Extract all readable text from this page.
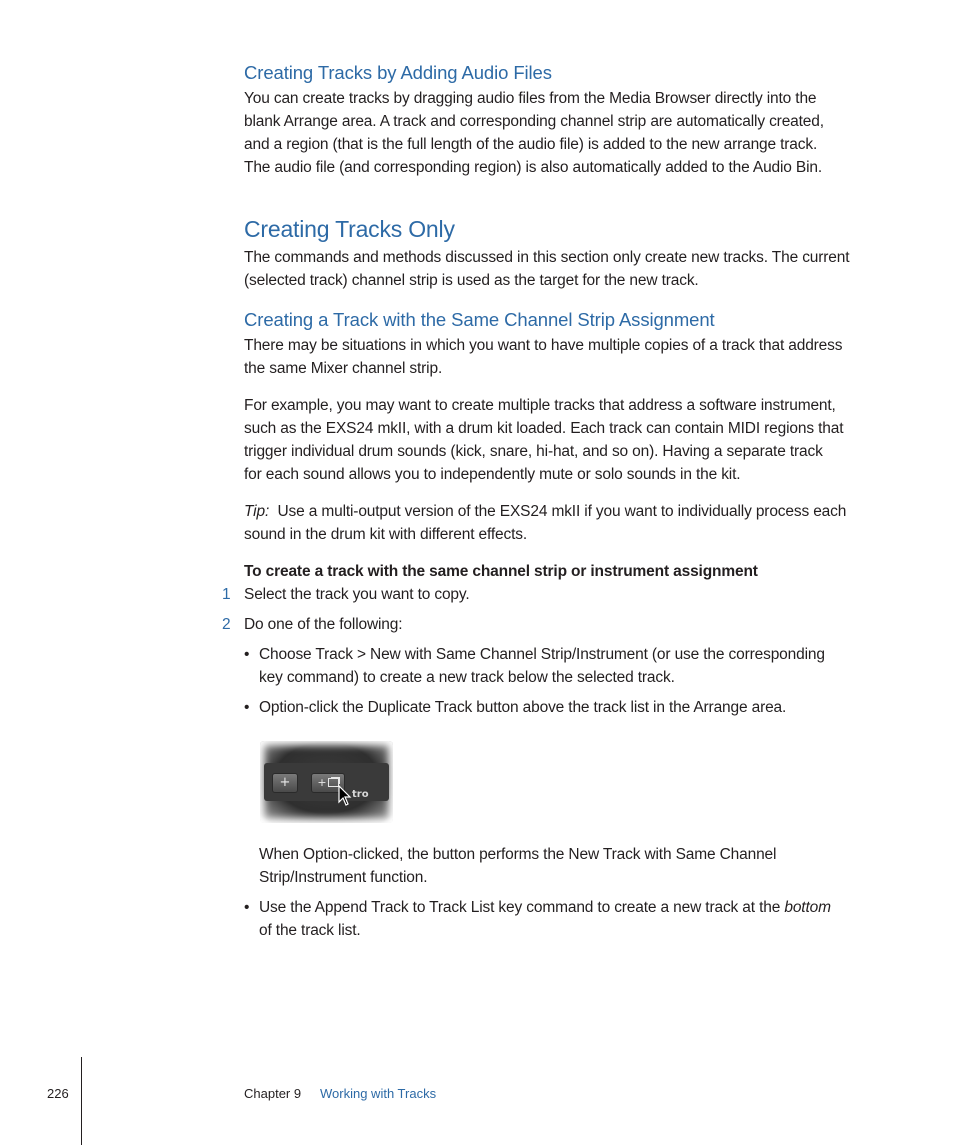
Creating Tracks by Adding Audio Files
You can create tracks by dragging audio files from the Media Browser directly into the
blank Arrange area. A track and corresponding channel strip are automatically created,
and a region (that is the full length of the audio file) is added to the new arrange track.
The audio file (and corresponding region) is also automatically added to the Audio Bin.
Creating Tracks Only
The commands and methods discussed in this section only create new tracks. The current
(selected track) channel strip is used as the target for the new track.
Creating a Track with the Same Channel Strip Assignment
There may be situations in which you want to have multiple copies of a track that address
the same Mixer channel strip.
For example, you may want to create multiple tracks that address a software instrument,
such as the EXS24 mkII, with a drum kit loaded. Each track can contain MIDI regions that
trigger individual drum sounds (kick, snare, hi-hat, and so on). Having a separate track
for each sound allows you to independently mute or solo sounds in the kit.
Tip: Use a multi-output version of the EXS24 mkII if you want to individually process each
sound in the drum kit with different effects.
To create a track with the same channel strip or instrument assignment
1 Select the track you want to copy.
2 Do one of the following:
• Choose Track > New with Same Channel Strip/Instrument (or use the corresponding
key command) to create a new track below the selected track.
• Option-click the Duplicate Track button above the track list in the Arrange area.
+	+
tro
When Option-clicked, the button performs the New Track with Same Channel
Strip/Instrument function.
• Use the Append Track to Track List key command to create a new track at the bottom
of the track list.
226	Chapter 9 Working with Tracks
